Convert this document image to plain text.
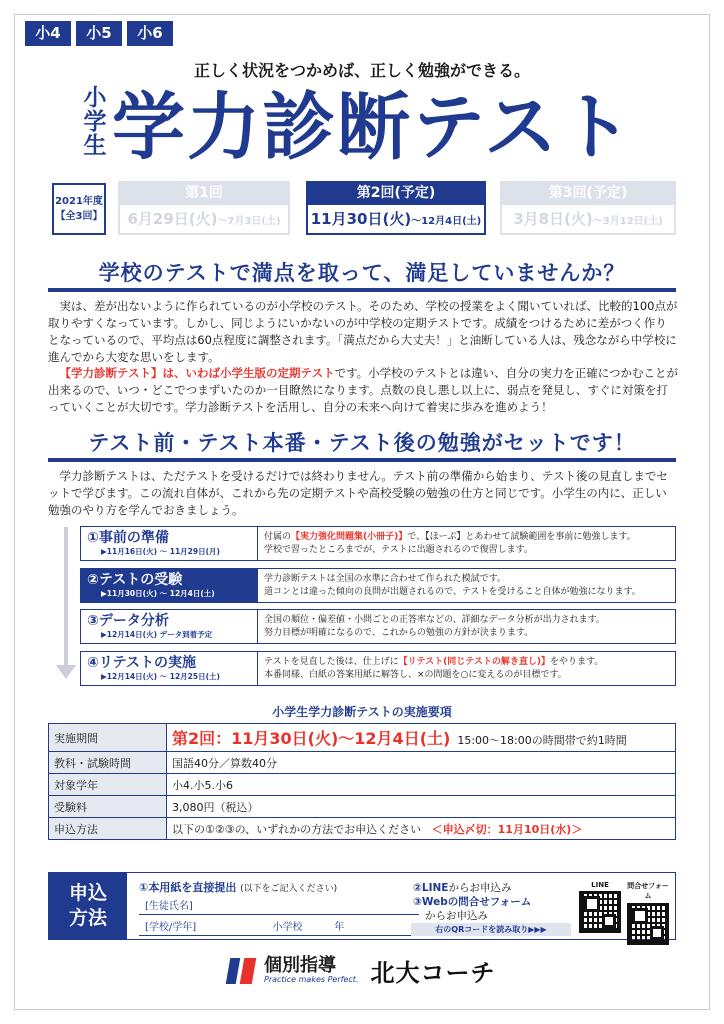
小4	小5	小6
正しく状況をつかめば、正しく勉強ができる。
小学生 学力診断テスト
2021年度
【全3回】
第1回
6月29日(火)〜7月3日(土)
第2回(予定)
11月30日(火)〜12月4日(土)
第3回(予定)
3月8日(火)〜3月12日(土)
学校のテストで満点を取って、満足していませんか？
実は、差が出ないように作られているのが小学校のテスト。そのため、学校の授業をよく聞いていれば、比較的100点が取りやすくなっています。しかし、同じようにいかないのが中学校の定期テストです。成績をつけるために差がつく作りとなっているので、平均点は60点程度に調整されます。「満点だから大丈夫！」と油断している人は、残念ながら中学校に進んでから大変な思いをします。
【学力診断テスト】は、いわば小学生版の定期テストです。小学校のテストとは違い、自分の実力を正確につかむことが出来るので、いつ・どこでつまずいたのか一目瞭然になります。点数の良し悪し以上に、弱点を発見し、すぐに対策を打っていくことが大切です。学力診断テストを活用し、自分の未来へ向けて着実に歩みを進めよう！
テスト前・テスト本番・テスト後の勉強がセットです！
学力診断テストは、ただテストを受けるだけでは終わりません。テスト前の準備から始まり、テスト後の見直しまでセットで学びます。この流れ自体が、これから先の定期テストや高校受験の勉強の仕方と同じです。小学生の内に、正しい勉強のやり方を学んでおきましょう。
①事前の準備
▶11月16日(火) 〜 11月29日(月)
付属の【実力強化問題集(小冊子)】で、【ほーぷ】とあわせて試験範囲を事前に勉強します。
学校で習ったところまでが、テストに出題されるので復習します。
②テストの受験
▶11月30日(火) 〜 12月4日(土)
学力診断テストは全国の水準に合わせて作られた模試です。
道コンとは違った傾向の良問が出題されるので、テストを受けること自体が勉強になります。
③データ分析
▶12月14日(火) データ到着予定
全国の順位・偏差値・小問ごとの正答率などの、詳細なデータ分析が出力されます。
努力目標が明確になるので、これからの勉強の方針が決まります。
④リテストの実施
▶12月14日(火) 〜 12月25日(土)
テストを見直した後は、仕上げに【リテスト(同じテストの解き直し)】をやります。
本番同様、白紙の答案用紙に解答し、×の問題を○に変えるのが目標です。
小学生学力診断テストの実施要項
実施期間	第2回：11月30日(火)〜12月4日(土) 15:00〜18:00の時間帯で約1時間
教科・試験時間	国語40分／算数40分
対象学年	小4.小5.小6
受験料	3,080円（税込）
申込方法	以下の①②③の、いずれかの方法でお申込ください ＜申込〆切：11月10日(水)＞
申込
方法
①本用紙を直接提出 (以下をご記入ください)
[生徒氏名]
[学校/学年]                        小学校          年
②LINEからお申込み
③Webの問合せフォーム
からお申込み
右のQRコードを読み取り▶▶▶
LINE	問合せフォーム
個別指導
Practice makes Perfect. 北大コーチ
